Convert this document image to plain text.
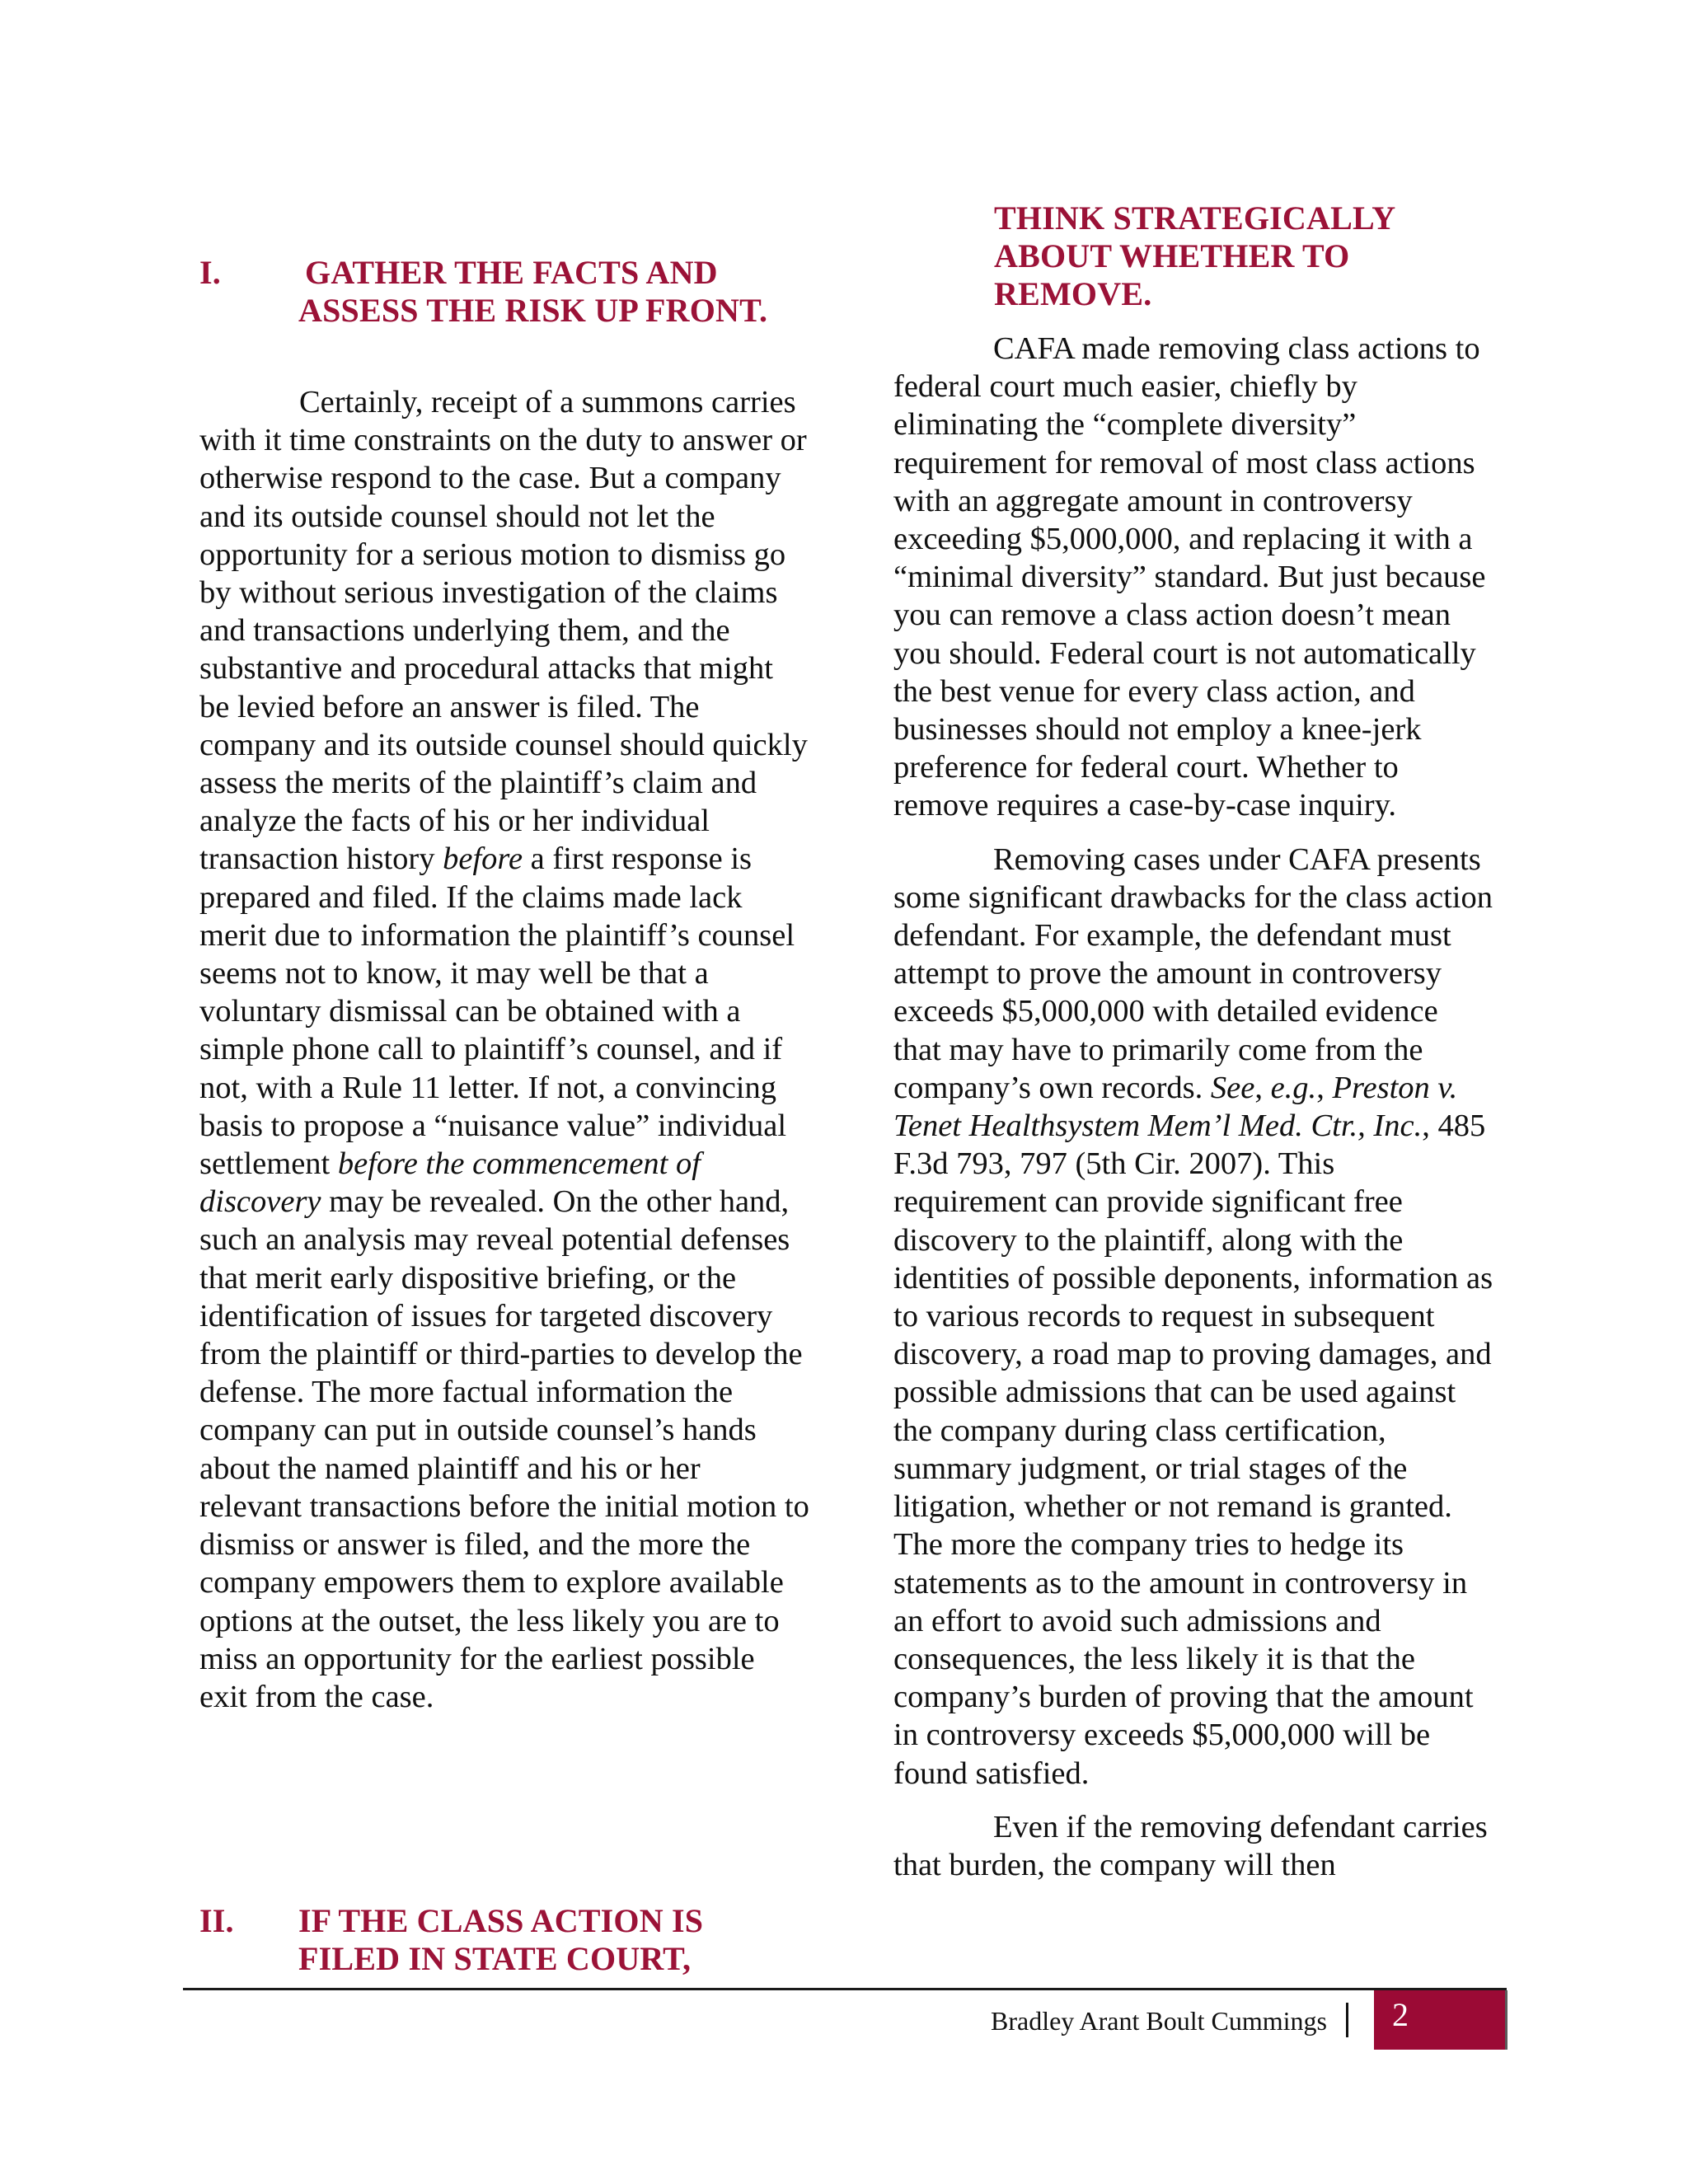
I.	GATHER THE FACTS AND
ASSESS THE RISK UP FRONT.

Certainly, receipt of a summons carries with it time constraints on the duty to answer or otherwise respond to the case. But a company and its outside counsel should not let the opportunity for a serious motion to dismiss go by without serious investigation of the claims and transactions underlying them, and the substantive and procedural attacks that might be levied before an answer is filed. The company and its outside counsel should quickly assess the merits of the plaintiff’s claim and analyze the facts of his or her individual transaction history before a first response is prepared and filed. If the claims made lack merit due to information the plaintiff’s counsel seems not to know, it may well be that a voluntary dismissal can be obtained with a simple phone call to plaintiff’s counsel, and if not, with a Rule 11 letter. If not, a convincing basis to propose a “nuisance value” individual settlement before the commencement of discovery may be revealed. On the other hand, such an analysis may reveal potential defenses that merit early dispositive briefing, or the identification of issues for targeted discovery from the plaintiff or third-parties to develop the defense. The more factual information the company can put in outside counsel’s hands about the named plaintiff and his or her relevant transactions before the initial motion to dismiss or answer is filed, and the more the company empowers them to explore available options at the outset, the less likely you are to miss an opportunity for the earliest possible exit from the case.

II.	IF THE CLASS ACTION IS
FILED IN STATE COURT,
THINK STRATEGICALLY
ABOUT WHETHER TO
REMOVE.

CAFA made removing class actions to federal court much easier, chiefly by eliminating the “complete diversity” requirement for removal of most class actions with an aggregate amount in controversy exceeding $5,000,000, and replacing it with a “minimal diversity” standard. But just because you can remove a class action doesn’t mean you should. Federal court is not automatically the best venue for every class action, and businesses should not employ a knee-jerk preference for federal court. Whether to remove requires a case-by-case inquiry.

Removing cases under CAFA presents some significant drawbacks for the class action defendant. For example, the defendant must attempt to prove the amount in controversy exceeds $5,000,000 with detailed evidence that may have to primarily come from the company’s own records. See, e.g., Preston v. Tenet Healthsystem Mem’l Med. Ctr., Inc., 485 F.3d 793, 797 (5th Cir. 2007). This requirement can provide significant free discovery to the plaintiff, along with the identities of possible deponents, information as to various records to request in subsequent discovery, a road map to proving damages, and possible admissions that can be used against the company during class certification, summary judgment, or trial stages of the litigation, whether or not remand is granted. The more the company tries to hedge its statements as to the amount in controversy in an effort to avoid such admissions and consequences, the less likely it is that the company’s burden of proving that the amount in controversy exceeds $5,000,000 will be found satisfied.

Even if the removing defendant carries that burden, the company will then

Bradley Arant Boult Cummings	2
